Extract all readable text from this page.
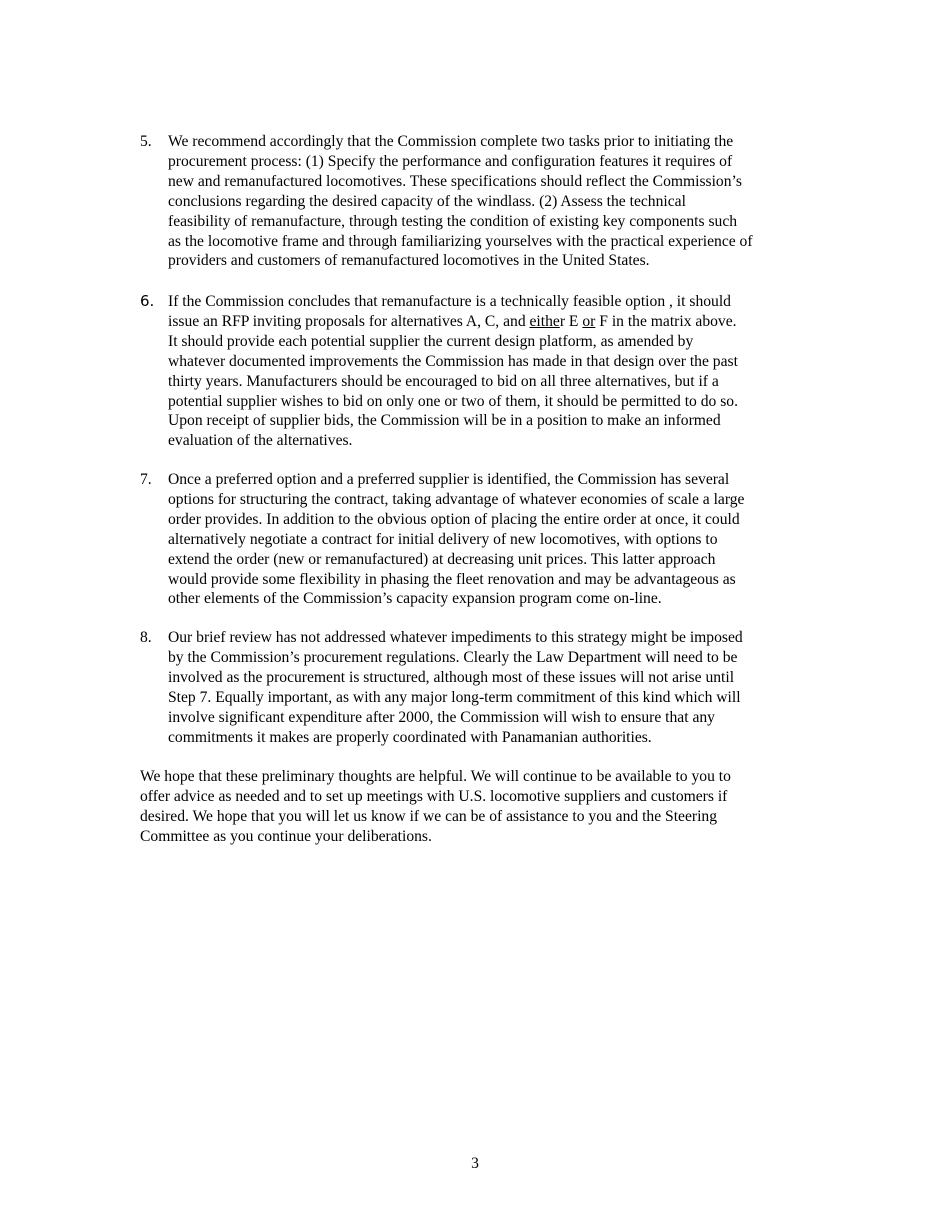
5.	We recommend accordingly that the Commission complete two tasks prior to initiating the
procurement process: (1) Specify the performance and configuration features it requires of
new and remanufactured locomotives. These specifications should reflect the Commission’s
conclusions regarding the desired capacity of the windlass. (2) Assess the technical
feasibility of remanufacture, through testing the condition of existing key components such
as the locomotive frame and through familiarizing yourselves with the practical experience of
providers and customers of remanufactured locomotives in the United States.
6. If the Commission concludes that remanufacture is a technically feasible option , it should
issue an RFP inviting proposals for alternatives A, C, and either E or F in the matrix above.
It should provide each potential supplier the current design platform, as amended by
whatever documented improvements the Commission has made in that design over the past
thirty years. Manufacturers should be encouraged to bid on all three alternatives, but if a
potential supplier wishes to bid on only one or two of them, it should be permitted to do so.
Upon receipt of supplier bids, the Commission will be in a position to make an informed
evaluation of the alternatives.
7.	Once a preferred option and a preferred supplier is identified, the Commission has several
options for structuring the contract, taking advantage of whatever economies of scale a large
order provides. In addition to the obvious option of placing the entire order at once, it could
alternatively negotiate a contract for initial delivery of new locomotives, with options to
extend the order (new or remanufactured) at decreasing unit prices. This latter approach
would provide some flexibility in phasing the fleet renovation and may be advantageous as
other elements of the Commission’s capacity expansion program come on-line.
8.	Our brief review has not addressed whatever impediments to this strategy might be imposed
by the Commission’s procurement regulations. Clearly the Law Department will need to be
involved as the procurement is structured, although most of these issues will not arise until
Step 7. Equally important, as with any major long-term commitment of this kind which will
involve significant expenditure after 2000, the Commission will wish to ensure that any
commitments it makes are properly coordinated with Panamanian authorities.
We hope that these preliminary thoughts are helpful. We will continue to be available to you to
offer advice as needed and to set up meetings with U.S. locomotive suppliers and customers if
desired. We hope that you will let us know if we can be of assistance to you and the Steering
Committee as you continue your deliberations.
3
